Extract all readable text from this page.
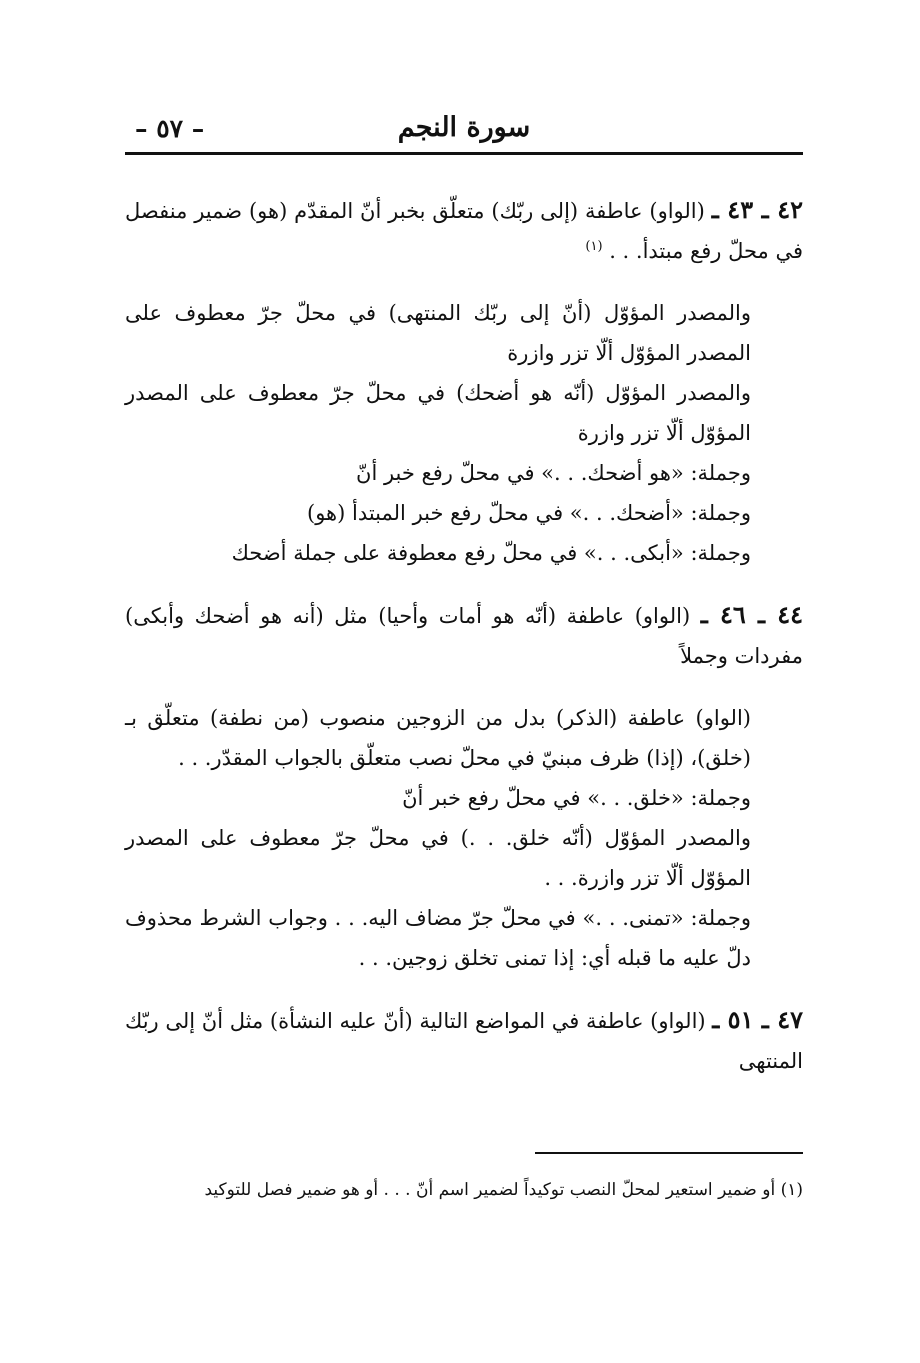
سورة النجم
– ٥٧ –

٤٢ ـ ٤٣ ـ (الواو) عاطفة (إلى ربّك) متعلّق بخبر أنّ المقدّم (هو) ضمير منفصل في محلّ رفع مبتدأ. . . $^{(١)}$

والمصدر المؤوّل (أنّ إلى ربّك المنتهى) في محلّ جرّ معطوف على المصدر المؤوّل ألّا تزر وازرة

والمصدر المؤوّل (أنّه هو أضحك) في محلّ جرّ معطوف على المصدر المؤوّل ألّا تزر وازرة

وجملة: «هو أضحك. . .» في محلّ رفع خبر أنّ

وجملة: «أضحك. . .» في محلّ رفع خبر المبتدأ (هو)

وجملة: «أبكى. . .» في محلّ رفع معطوفة على جملة أضحك

٤٤ ـ ٤٦ ـ (الواو) عاطفة (أنّه هو أمات وأحيا) مثل (أنه هو أضحك وأبكى) مفردات وجملاً

(الواو) عاطفة (الذكر) بدل من الزوجين منصوب (من نطفة) متعلّق بـ (خلق)، (إذا) ظرف مبنيّ في محلّ نصب متعلّق بالجواب المقدّر. . .

وجملة: «خلق. . .» في محلّ رفع خبر أنّ

والمصدر المؤوّل (أنّه خلق. . .) في محلّ جرّ معطوف على المصدر المؤوّل ألّا تزر وازرة. . .

وجملة: «تمنى. . .» في محلّ جرّ مضاف اليه. . . وجواب الشرط محذوف دلّ عليه ما قبله أي: إذا تمنى تخلق زوجين. . .

٤٧ ـ ٥١ ـ (الواو) عاطفة في المواضع التالية (أنّ عليه النشأة) مثل أنّ إلى ربّك المنتهى

(١) أو ضمير استعير لمحلّ النصب توكيداً لضمير اسم أنّ . . . أو هو ضمير فصل للتوكيد
